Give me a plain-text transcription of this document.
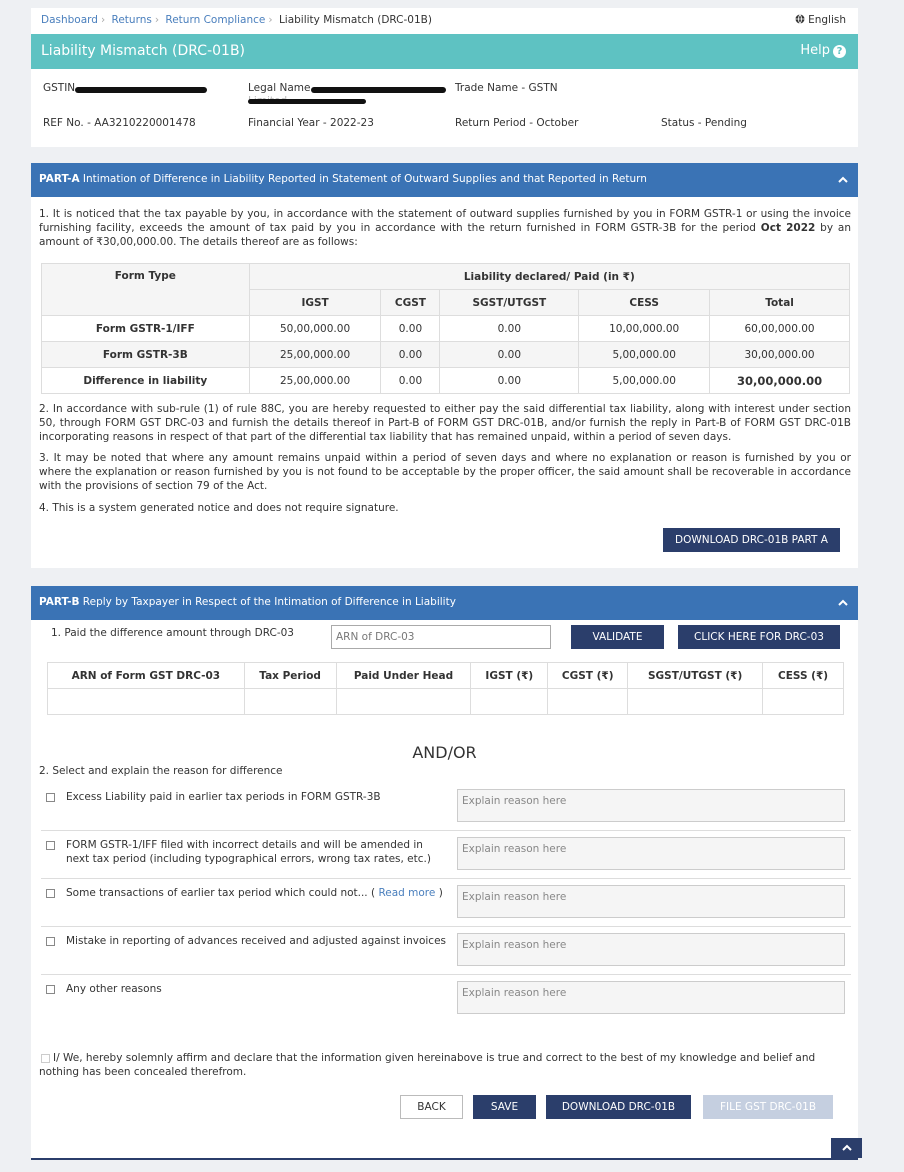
Dashboard › Returns › Return Compliance › Liability Mismatch (DRC-01B)	English
Liability Mismatch (DRC-01B)	Help ?
GSTIN	Legal Name	Trade Name - GSTN
REF No. - AA3210220001478	Financial Year - 2022-23	Return Period - October	Status - Pending
PART-A Intimation of Difference in Liability Reported in Statement of Outward Supplies and that Reported in Return
1. It is noticed that the tax payable by you, in accordance with the statement of outward supplies furnished by you in FORM GSTR-1 or using the invoice furnishing facility, exceeds the amount of tax paid by you in accordance with the return furnished in FORM GSTR-3B for the period Oct 2022 by an amount of ₹30,00,000.00. The details thereof are as follows:
Form Type	Liability declared/ Paid (in ₹)				
	IGST	CGST	SGST/UTGST	CESS	Total
Form GSTR-1/IFF	50,00,000.00	0.00	0.00	10,00,000.00	60,00,000.00
Form GSTR-3B	25,00,000.00	0.00	0.00	5,00,000.00	30,00,000.00
Difference in liability	25,00,000.00	0.00	0.00	5,00,000.00	30,00,000.00
2. In accordance with sub-rule (1) of rule 88C, you are hereby requested to either pay the said differential tax liability, along with interest under section 50, through FORM GST DRC-03 and furnish the details thereof in Part-B of FORM GST DRC-01B, and/or furnish the reply in Part-B of FORM GST DRC-01B incorporating reasons in respect of that part of the differential tax liability that has remained unpaid, within a period of seven days.
3. It may be noted that where any amount remains unpaid within a period of seven days and where no explanation or reason is furnished by you or where the explanation or reason furnished by you is not found to be acceptable by the proper officer, the said amount shall be recoverable in accordance with the provisions of section 79 of the Act.
4. This is a system generated notice and does not require signature.
DOWNLOAD DRC-01B PART A
PART-B Reply by Taxpayer in Respect of the Intimation of Difference in Liability
1. Paid the difference amount through DRC-03	ARN of DRC-03	VALIDATE	CLICK HERE FOR DRC-03
ARN of Form GST DRC-03	Tax Period	Paid Under Head	IGST (₹)	CGST (₹)	SGST/UTGST (₹)	CESS (₹)

AND/OR
2. Select and explain the reason for difference
Excess Liability paid in earlier tax periods in FORM GSTR-3B	Explain reason here
FORM GSTR-1/IFF filed with incorrect details and will be amended in next tax period (including typographical errors, wrong tax rates, etc.)
Explain reason here
Some transactions of earlier tax period which could not... ( Read more )	Explain reason here
Mistake in reporting of advances received and adjusted against invoices	Explain reason here
Any other reasons	Explain reason here
I/ We, hereby solemnly affirm and declare that the information given hereinabove is true and correct to the best of my knowledge and belief and nothing has been concealed therefrom.
BACK	SAVE	DOWNLOAD DRC-01B	FILE GST DRC-01B
